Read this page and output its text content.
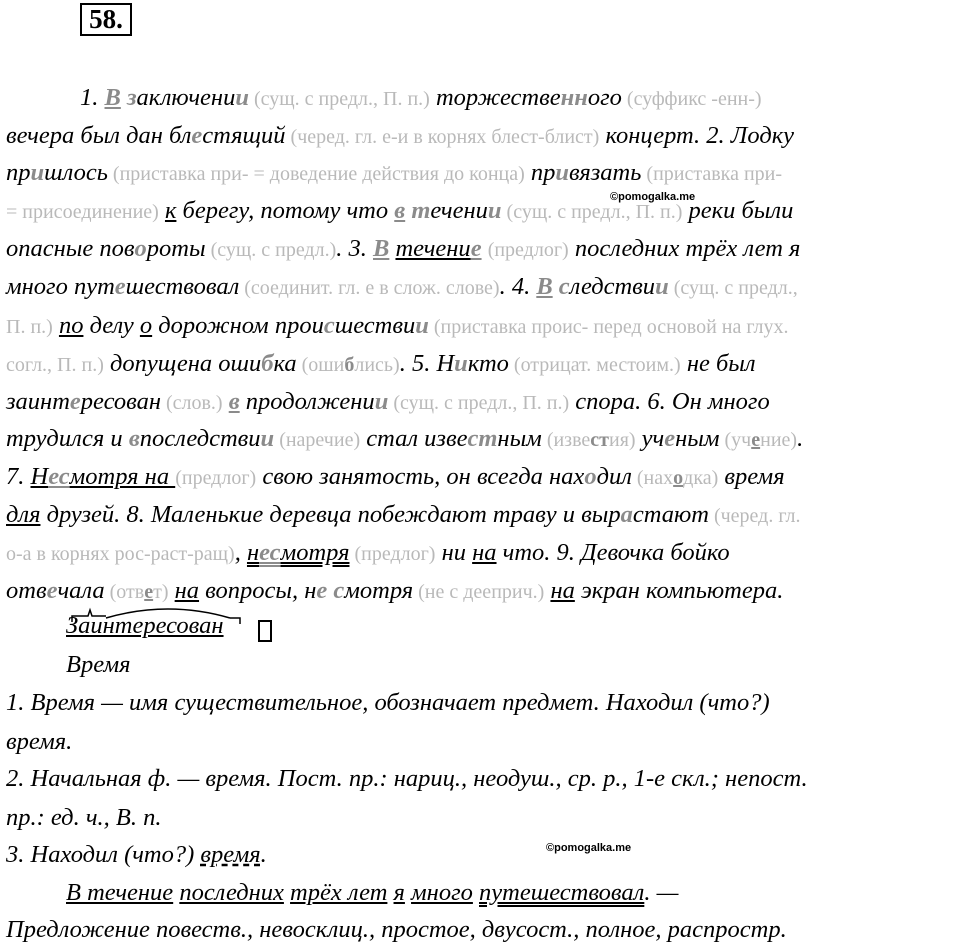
58.
©pomogalka.me
©pomogalka.me
1. В заключении (сущ. с предл., П. п.) торжественного (суффикс -енн-)
вечера был дан блестящий (черед. гл. е-и в корнях блест-блист) концерт. 2. Лодку
пришлось (приставка при- = доведение действия до конца) привязать (приставка при-
= присоединение) к берегу, потому что в течении (сущ. с предл., П. п.) реки были
опасные повороты (сущ. с предл.). 3. В течение (предлог) последних трёх лет я
много путешествовал (соединит. гл. е в слож. слове). 4. В следствии (сущ. с предл.,
П. п.) по делу о дорожном происшествии (приставка проис- перед основой на глух.
согл., П. п.) допущена ошибка (ошиблись). 5. Никто (отрицат. местоим.) не был
заинтересован (слов.) в продолжении (сущ. с предл., П. п.) спора. 6. Он много
трудился и впоследствии (наречие) стал известным (известия) ученым (учение).
7. Несмотря на (предлог) свою занятость, он всегда находил (находка) время
для друзей. 8. Маленькие деревца побеждают траву и вырастают (черед. гл.
о-а в корнях рос-раст-ращ), несмотря (предлог) ни на что. 9. Девочка бойко
отвечала (ответ) на вопросы, не смотря (не с дееприч.) на экран компьютера.
Заинтересован
Время
1. Время — имя существительное, обозначает предмет. Находил (что?)
время.
2. Начальная ф. — время. Пост. пр.: нариц., неодуш., ср. р., 1-е скл.; непост.
пр.: ед. ч., В. п.
3. Находил (что?) время.
В течение последних трёх лет я много путешествовал. —
Предложение повеств., невосклиц., простое, двусост., полное, распростр.
